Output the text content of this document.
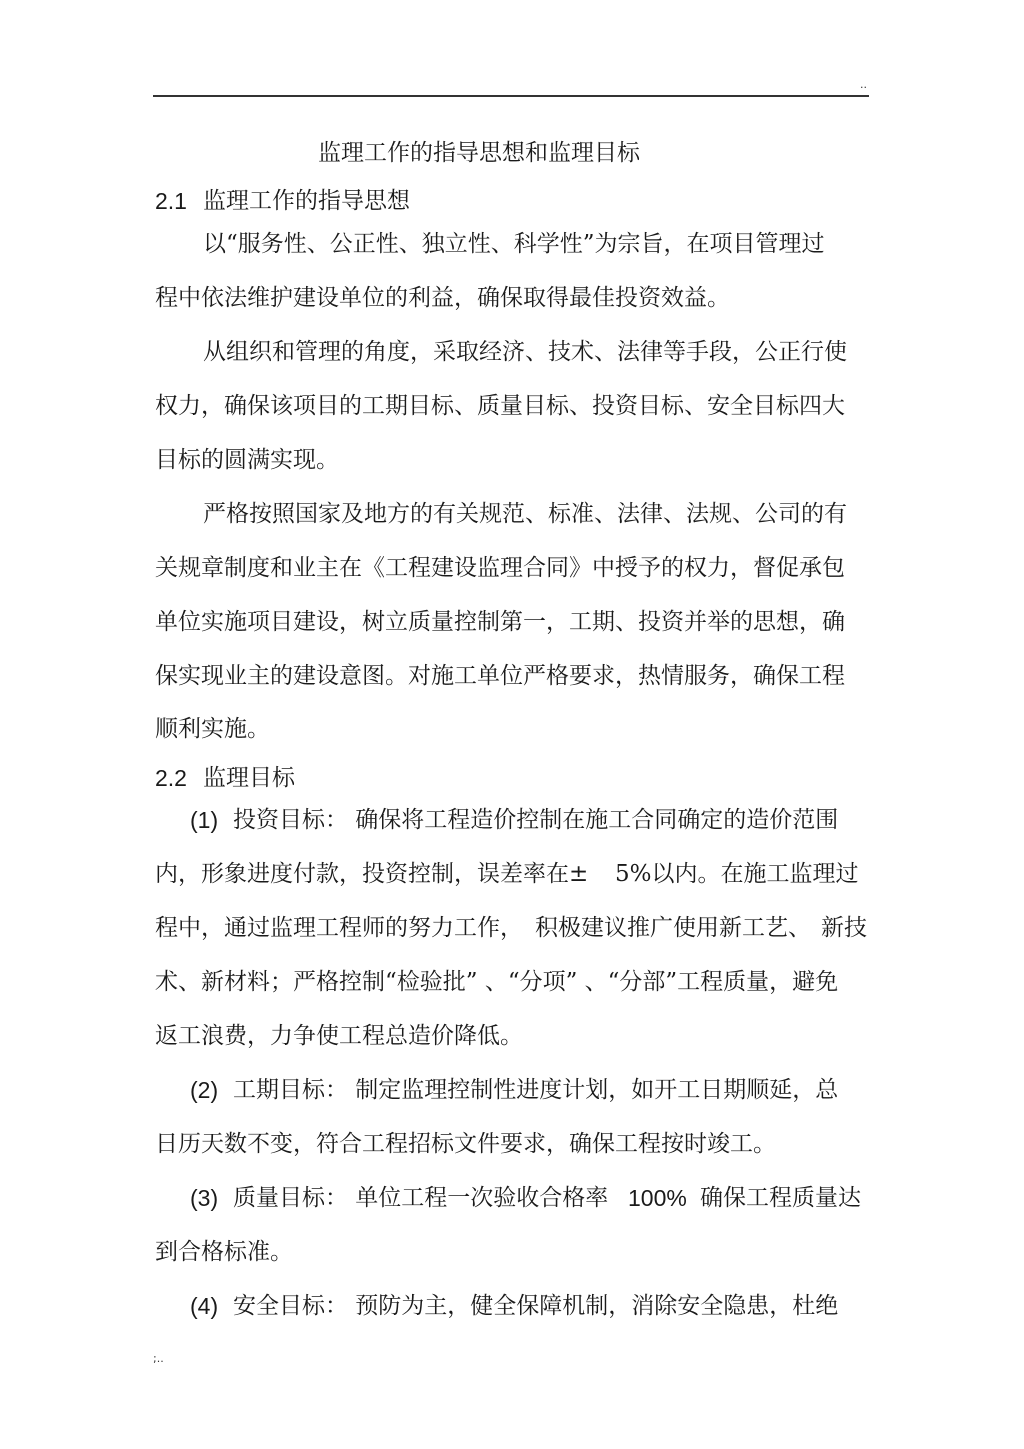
..
监理工作的指导思想和监理目标
2.1 监理工作的指导思想
以“服务性、公正性、独立性、科学性”为宗旨，在项目管理过
程中依法维护建设单位的利益，确保取得最佳投资效益。
从组织和管理的角度，采取经济、技术、法律等手段，公正行使
权力，确保该项目的工期目标、质量目标、投资目标、安全目标四大
目标的圆满实现。
严格按照国家及地方的有关规范、标准、法律、法规、公司的有
关规章制度和业主在《工程建设监理合同》中授予的权力，督促承包
单位实施项目建设，树立质量控制第一，工期、投资并举的思想，确
保实现业主的建设意图。对施工单位严格要求，热情服务，确保工程
顺利实施。
2.2 监理目标
(1) 投资目标： 确保将工程造价控制在施工合同确定的造价范围
内，形象进度付款，投资控制，误差率在± 5%以内。在施工监理过
程中，通过监理工程师的努力工作， 积极建议推广使用新工艺、 新技
术、新材料；严格控制“检验批” 、“分项” 、“分部”工程质量，避免
返工浪费，力争使工程总造价降低。
(2) 工期目标： 制定监理控制性进度计划，如开工日期顺延，总
日历天数不变，符合工程招标文件要求，确保工程按时竣工。
(3) 质量目标： 单位工程一次验收合格率 100% 确保工程质量达
到合格标准。
(4) 安全目标： 预防为主，健全保障机制，消除安全隐患，杜绝
;..
